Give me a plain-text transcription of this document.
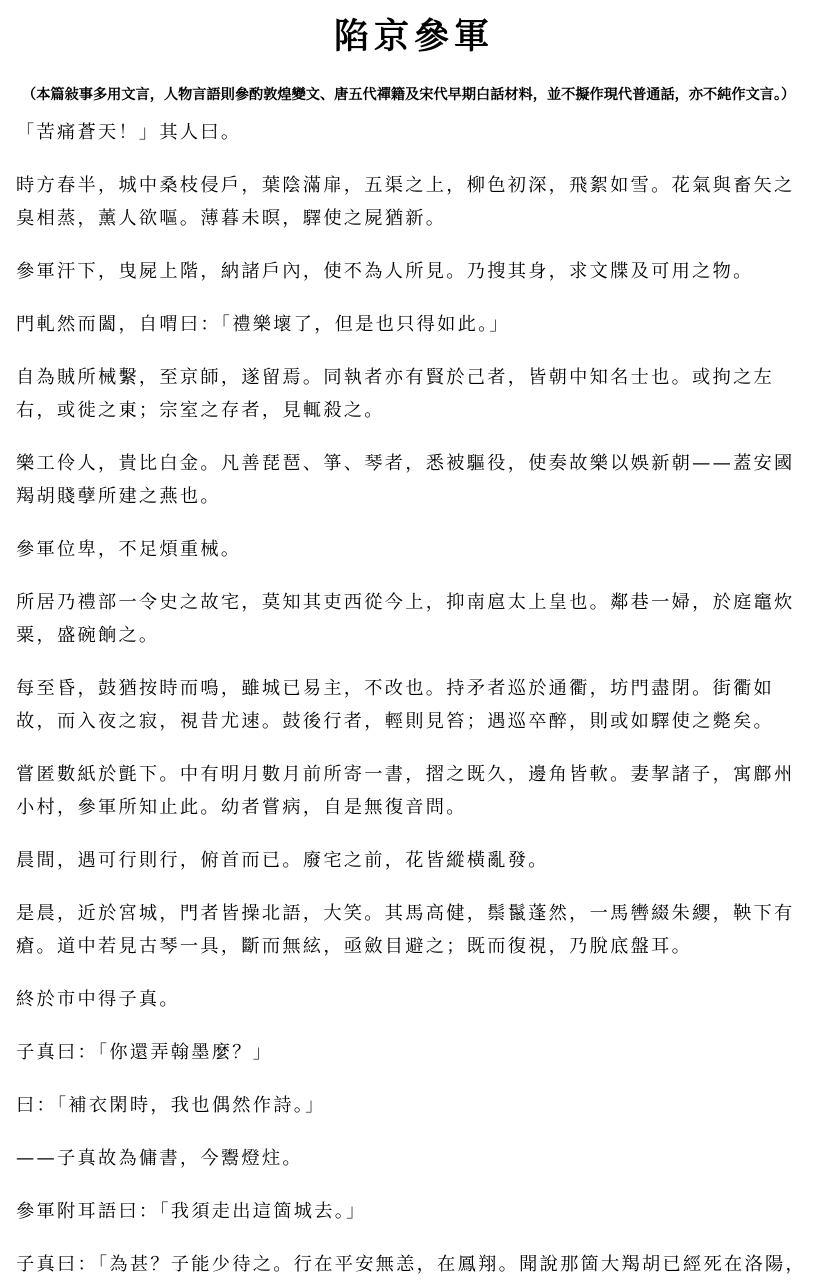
陷京參軍

（本篇敍事多用文言，人物言語則參酌敦煌變文、唐五代禪籍及宋代早期白話材料，並不擬作現代普通話，亦不純作文言。）

「苦痛蒼天！」其人曰。

時方春半，城中桑枝侵戶，葉陰滿扉，五渠之上，柳色初深，飛絮如雪。花氣與畜矢之臭相蒸，薰人欲嘔。薄暮未暝，驛使之屍猶新。

參軍汗下，曳屍上階，納諸戶內，使不為人所見。乃搜其身，求文牒及可用之物。

門軋然而闔，自喟曰：「禮樂壞了，但是也只得如此。」

自為賊所械繫，至京師，遂留焉。同執者亦有賢於己者，皆朝中知名士也。或拘之左右，或徙之東；宗室之存者，見輒殺之。

樂工伶人，貴比白金。凡善琵琶、箏、琴者，悉被驅役，使奏故樂以娛新朝——蓋安國羯胡賤孽所建之燕也。

參軍位卑，不足煩重械。

所居乃禮部一令史之故宅，莫知其吏西從今上，抑南扈太上皇也。鄰巷一婦，於庭竈炊粟，盛碗餉之。

每至昏，鼓猶按時而鳴，雖城已易主，不改也。持矛者巡於通衢，坊門盡閉。街衢如故，而入夜之寂，視昔尤速。鼓後行者，輕則見笞；遇巡卒醉，則或如驛使之斃矣。

嘗匿數紙於氈下。中有明月數月前所寄一書，摺之既久，邊角皆軟。妻挈諸子，寓鄜州小村，參軍所知止此。幼者嘗病，自是無復音問。

晨間，遇可行則行，俯首而已。廢宅之前，花皆縱橫亂發。

是晨，近於宮城，門者皆操北語，大笑。其馬高健，鬃鬣蓬然，一馬轡綴朱纓，鞅下有瘡。道中若見古琴一具，斷而無絃，亟斂目避之；既而復視，乃脫底盤耳。

終於市中得子真。

子真曰：「你還弄翰墨麼？」

曰：「補衣閑時，我也偶然作詩。」

——子真故為傭書，今鬻燈炷。

參軍附耳語曰：「我須走出這箇城去。」

子真曰：「為甚？子能少待之。行在平安無恙，在鳳翔。聞說那箇大羯胡已經死在洛陽，
